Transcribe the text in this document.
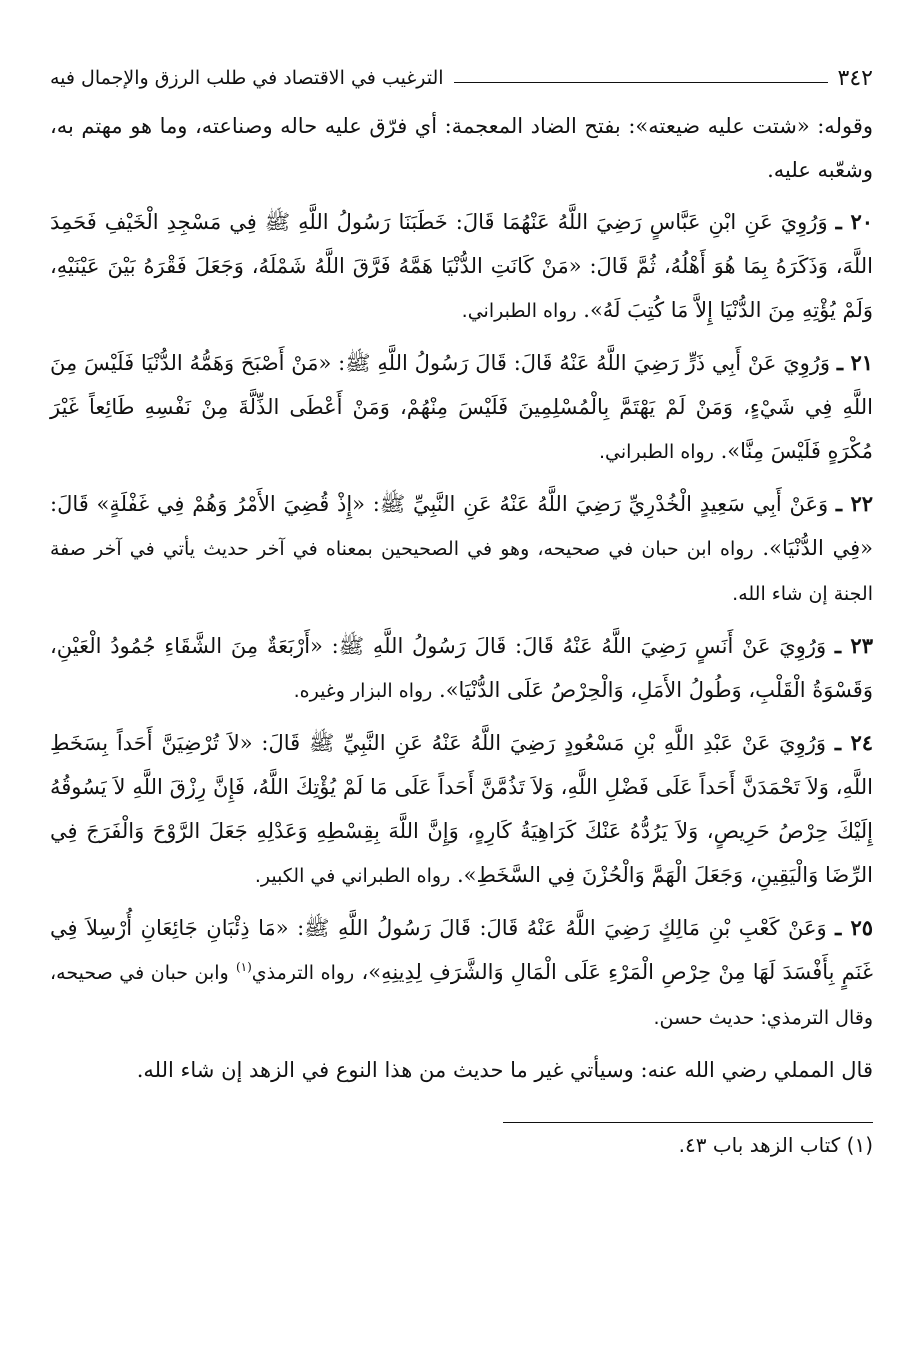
٣٤٢
الترغيب في الاقتصاد في طلب الرزق والإجمال فيه

وقوله: «شتت عليه ضيعته»: بفتح الضاد المعجمة: أي فرّق عليه حاله وصناعته، وما هو مهتم به، وشعّبه عليه.

٢٠ ـ وَرُوِيَ عَنِ ابْنِ عَبَّاسٍ رَضِيَ اللَّهُ عَنْهُمَا قَالَ: خَطَبَنَا رَسُولُ اللَّهِ ﷺ فِي مَسْجِدِ الْخَيْفِ فَحَمِدَ اللَّهَ، وَذَكَرَهُ بِمَا هُوَ أَهْلُهُ، ثُمَّ قَالَ: «مَنْ كَانَتِ الدُّنْيَا هَمَّهُ فَرَّقَ اللَّهُ شَمْلَهُ، وَجَعَلَ فَقْرَهُ بَيْنَ عَيْنَيْهِ، وَلَمْ يُؤْتِهِ مِنَ الدُّنْيَا إِلاَّ مَا كُتِبَ لَهُ». رواه الطبراني.

٢١ ـ وَرُوِيَ عَنْ أَبِي ذَرٍّ رَضِيَ اللَّهُ عَنْهُ قَالَ: قَالَ رَسُولُ اللَّهِ ﷺ: «مَنْ أَصْبَحَ وَهَمُّهُ الدُّنْيَا فَلَيْسَ مِنَ اللَّهِ فِي شَيْءٍ، وَمَنْ لَمْ يَهْتَمَّ بِالْمُسْلِمِينَ فَلَيْسَ مِنْهُمْ، وَمَنْ أَعْطَى الذِّلَّةَ مِنْ نَفْسِهِ طَائِعاً غَيْرَ مُكْرَهٍ فَلَيْسَ مِنَّا». رواه الطبراني.

٢٢ ـ وَعَنْ أَبِي سَعِيدٍ الْخُدْرِيِّ رَضِيَ اللَّهُ عَنْهُ عَنِ النَّبِيِّ ﷺ: «إِذْ قُضِيَ الأَمْرُ وَهُمْ فِي غَفْلَةٍ» قَالَ: «فِي الدُّنْيَا». رواه ابن حبان في صحيحه، وهو في الصحيحين بمعناه في آخر حديث يأتي في آخر صفة الجنة إن شاء الله.

٢٣ ـ وَرُوِيَ عَنْ أَنَسٍ رَضِيَ اللَّهُ عَنْهُ قَالَ: قَالَ رَسُولُ اللَّهِ ﷺ: «أَرْبَعَةٌ مِنَ الشَّقَاءِ جُمُودُ الْعَيْنِ، وَقَسْوَةُ الْقَلْبِ، وَطُولُ الأَمَلِ، وَالْحِرْصُ عَلَى الدُّنْيَا». رواه البزار وغيره.

٢٤ ـ وَرُوِيَ عَنْ عَبْدِ اللَّهِ بْنِ مَسْعُودٍ رَضِيَ اللَّهُ عَنْهُ عَنِ النَّبِيِّ ﷺ قَالَ: «لاَ تُرْضِيَنَّ أَحَداً بِسَخَطِ اللَّهِ، وَلاَ تَحْمَدَنَّ أَحَداً عَلَى فَضْلِ اللَّهِ، وَلاَ تَذُمَّنَّ أَحَداً عَلَى مَا لَمْ يُؤْتِكَ اللَّهُ، فَإِنَّ رِزْقَ اللَّهِ لاَ يَسُوقُهُ إِلَيْكَ حِرْصُ حَرِيصٍ، وَلاَ يَرُدُّهُ عَنْكَ كَرَاهِيَةُ كَارِهٍ، وَإِنَّ اللَّهَ بِقِسْطِهِ وَعَدْلِهِ جَعَلَ الرَّوْحَ وَالْفَرَجَ فِي الرِّضَا وَالْيَقِينِ، وَجَعَلَ الْهَمَّ وَالْحُزْنَ فِي السَّخَطِ». رواه الطبراني في الكبير.

٢٥ ـ وَعَنْ كَعْبِ بْنِ مَالِكٍ رَضِيَ اللَّهُ عَنْهُ قَالَ: قَالَ رَسُولُ اللَّهِ ﷺ: «مَا ذِئْبَانِ جَائِعَانِ أُرْسِلاَ فِي غَنَمٍ بِأَفْسَدَ لَهَا مِنْ حِرْصِ الْمَرْءِ عَلَى الْمَالِ وَالشَّرَفِ لِدِينِهِ»، رواه الترمذي$^{(١)}$ وابن حبان في صحيحه، وقال الترمذي: حديث حسن.

قال المملي رضي الله عنه: وسيأتي غير ما حديث من هذا النوع في الزهد إن شاء الله.

(١) كتاب الزهد باب ٤٣.
